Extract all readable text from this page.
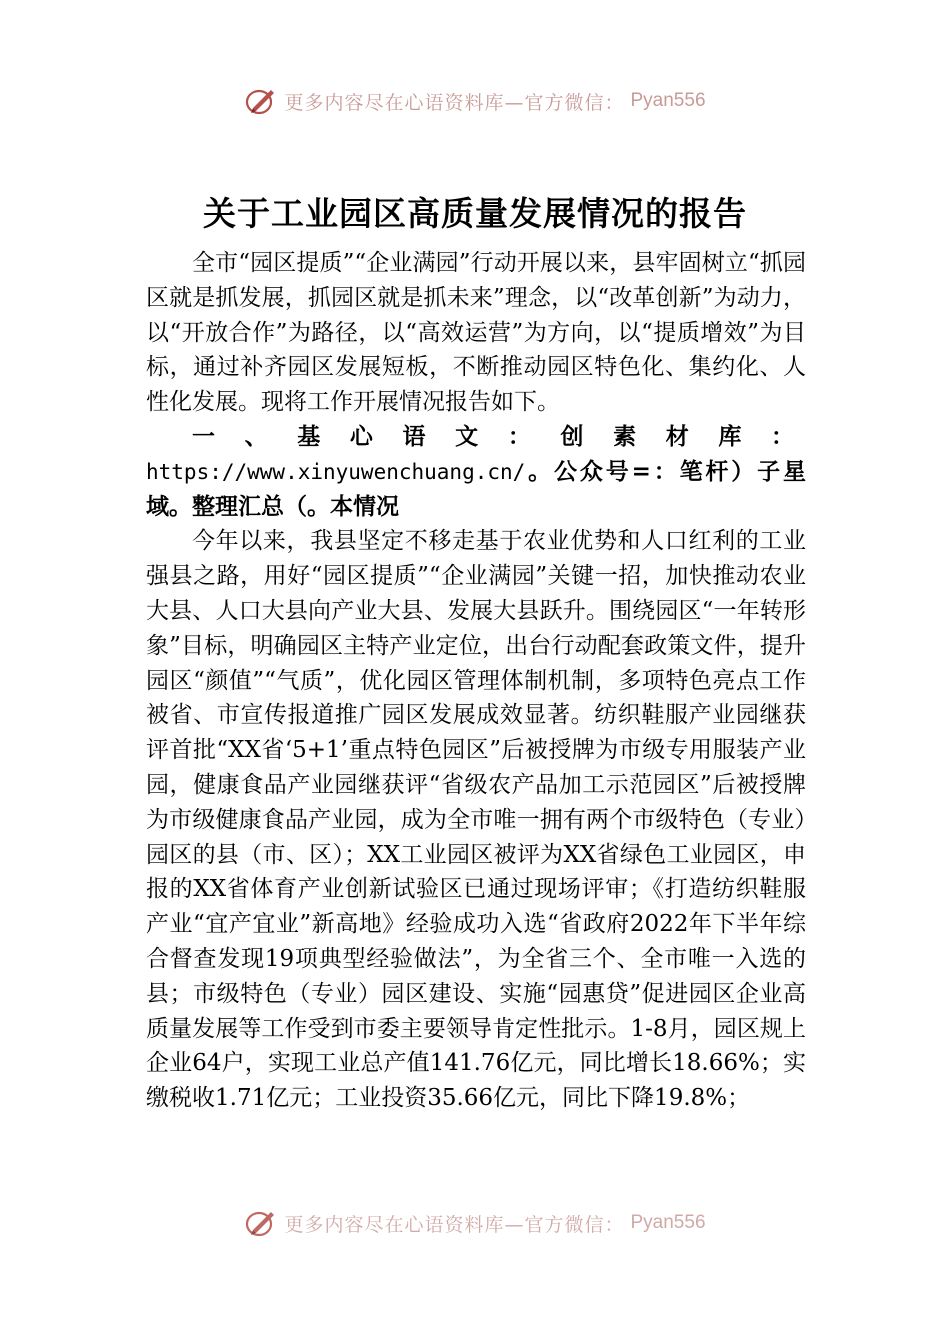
更多内容尽在心语资料库—官方微信： Pyan556
关于工业园区高质量发展情况的报告

全市“园区提质”“企业满园”行动开展以来，县牢固树立“抓园区就是抓发展，抓园区就是抓未来”理念，以“改革创新”为动力，以“开放合作”为路径，以“高效运营”为方向，以“提质增效”为目标，通过补齐园区发展短板，不断推动园区特色化、集约化、人性化发展。现将工作开展情况报告如下。

一、基心语文：创素材库：https://www.xinyuwenchuang.cn/。公众号=：笔杆）子星域。整理汇总（。本情况

今年以来，我县坚定不移走基于农业优势和人口红利的工业强县之路，用好“园区提质”“企业满园”关键一招，加快推动农业大县、人口大县向产业大县、发展大县跃升。围绕园区“一年转形象”目标，明确园区主特产业定位，出台行动配套政策文件，提升园区“颜值”“气质”，优化园区管理体制机制，多项特色亮点工作被省、市宣传报道推广园区发展成效显著。纺织鞋服产业园继获评首批“XX省‘5+1’重点特色园区”后被授牌为市级专用服装产业园，健康食品产业园继获评“省级农产品加工示范园区”后被授牌为市级健康食品产业园，成为全市唯一拥有两个市级特色（专业）园区的县（市、区）；XX工业园区被评为XX省绿色工业园区，申报的XX省体育产业创新试验区已通过现场评审；《打造纺织鞋服产业“宜产宜业”新高地》经验成功入选“省政府2022年下半年综合督查发现19项典型经验做法”，为全省三个、全市唯一入选的县；市级特色（专业）园区建设、实施“园惠贷”促进园区企业高质量发展等工作受到市委主要领导肯定性批示。1-8月，园区规上企业64户，实现工业总产值141.76亿元，同比增长18.66%；实缴税收1.71亿元；工业投资35.66亿元，同比下降19.8%；

更多内容尽在心语资料库—官方微信： Pyan556
